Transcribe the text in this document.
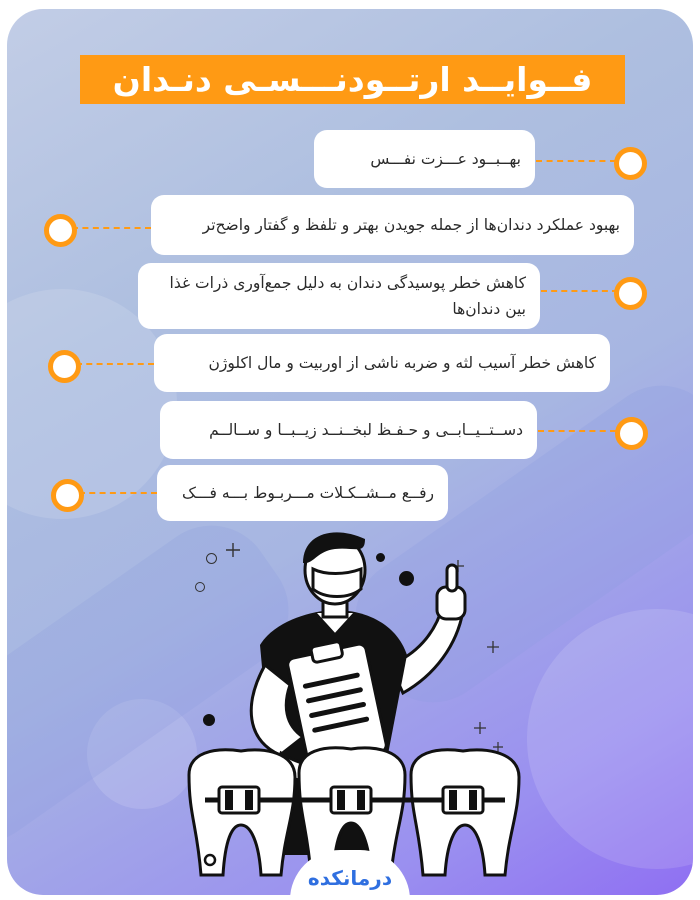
فــوایــد ارتــودنـــسـی دنـدان
بهــبــود عـــزت نفـــس
بهبود عملکرد دندان‌ها از جمله جویدن بهتر و تلفظ و گفتار واضح‌تر
کاهش خطر پوسیدگی دندان به دلیل جمع‌آوری ذرات غذا بین دندان‌ها
کاهش خطر آسیب لثه و ضربه ناشی از اوربیت و مال اکلوژن
دســتــیــابــی و حـفـظ لبخــنــد زیــبــا و ســالــم
رفــع مــشــکـلات مـــربـوط بـــه فـــک
درمانکده
